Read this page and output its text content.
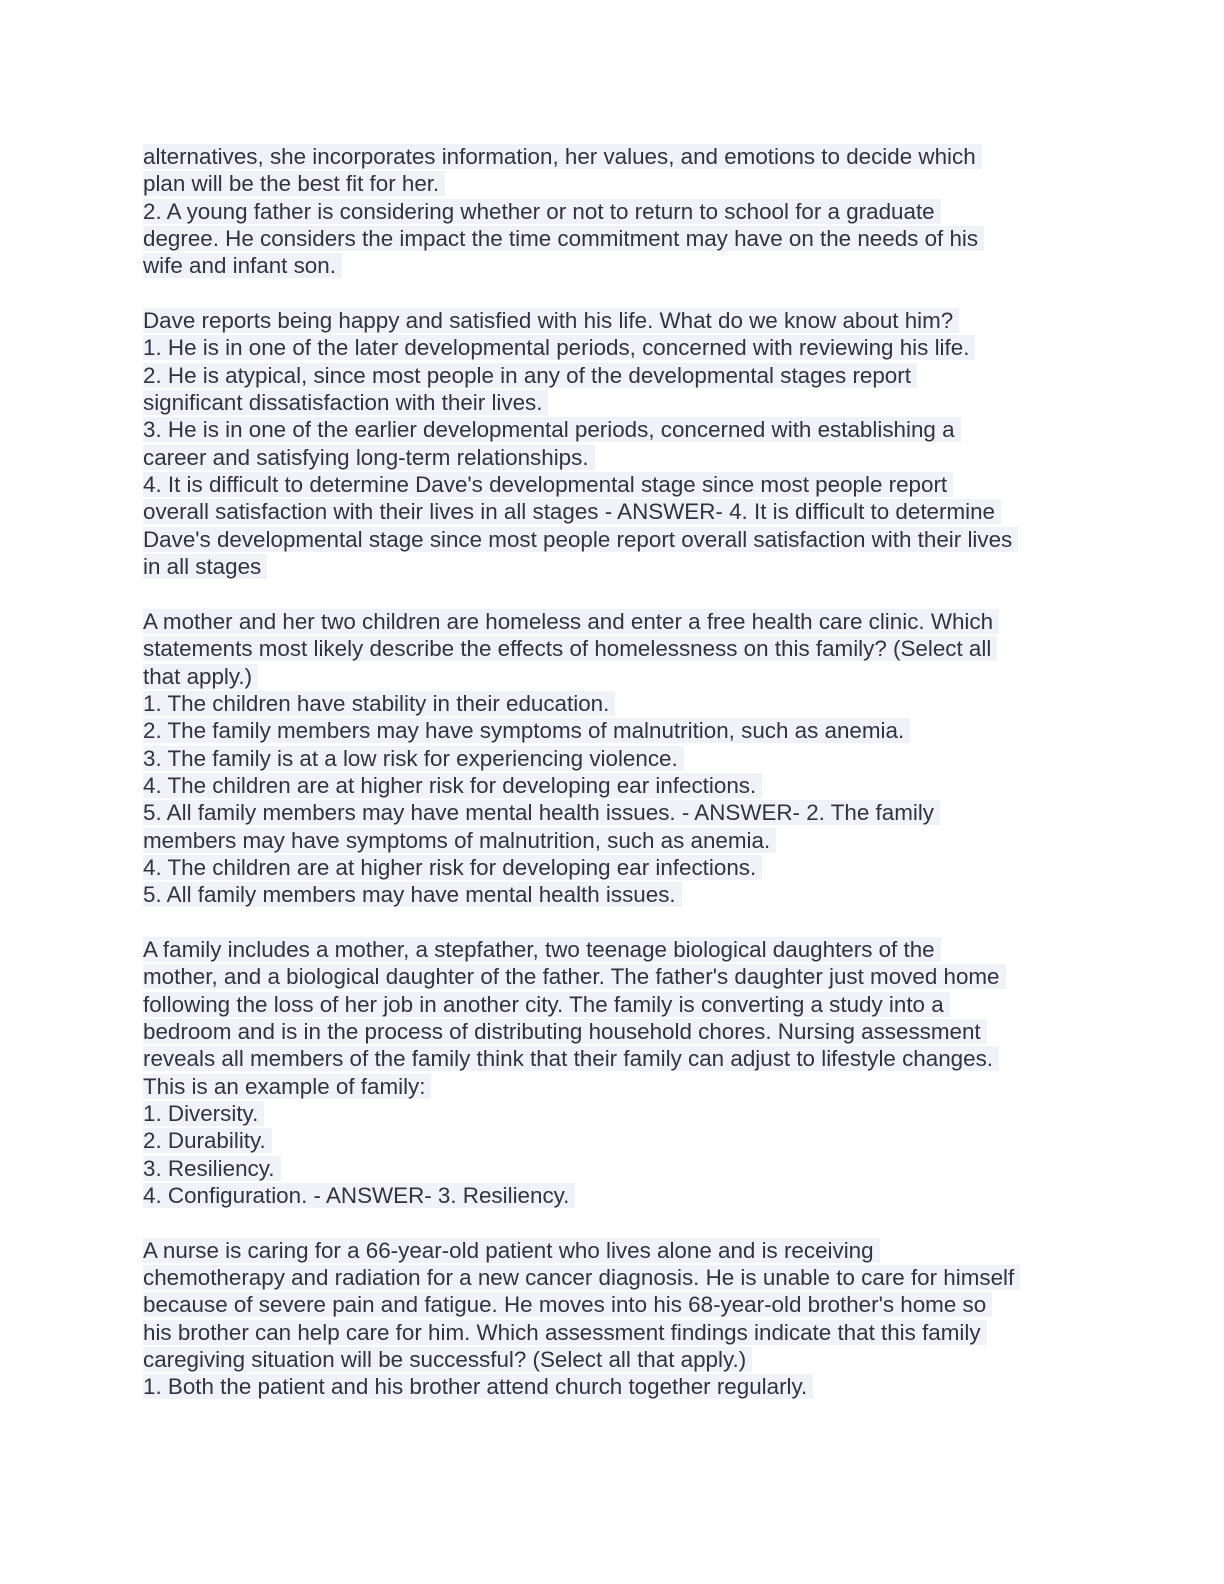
alternatives, she incorporates information, her values, and emotions to decide which
plan will be the best fit for her.
2. A young father is considering whether or not to return to school for a graduate
degree. He considers the impact the time commitment may have on the needs of his
wife and infant son.
Dave reports being happy and satisfied with his life. What do we know about him?
1. He is in one of the later developmental periods, concerned with reviewing his life.
2. He is atypical, since most people in any of the developmental stages report
significant dissatisfaction with their lives.
3. He is in one of the earlier developmental periods, concerned with establishing a
career and satisfying long-term relationships.
4. It is difficult to determine Dave's developmental stage since most people report
overall satisfaction with their lives in all stages - ANSWER- 4. It is difficult to determine
Dave's developmental stage since most people report overall satisfaction with their lives
in all stages
A mother and her two children are homeless and enter a free health care clinic. Which
statements most likely describe the effects of homelessness on this family? (Select all
that apply.)
1. The children have stability in their education.
2. The family members may have symptoms of malnutrition, such as anemia.
3. The family is at a low risk for experiencing violence.
4. The children are at higher risk for developing ear infections.
5. All family members may have mental health issues. - ANSWER- 2. The family
members may have symptoms of malnutrition, such as anemia.
4. The children are at higher risk for developing ear infections.
5. All family members may have mental health issues.
A family includes a mother, a stepfather, two teenage biological daughters of the
mother, and a biological daughter of the father. The father's daughter just moved home
following the loss of her job in another city. The family is converting a study into a
bedroom and is in the process of distributing household chores. Nursing assessment
reveals all members of the family think that their family can adjust to lifestyle changes.
This is an example of family:
1. Diversity.
2. Durability.
3. Resiliency.
4. Configuration. - ANSWER- 3. Resiliency.
A nurse is caring for a 66-year-old patient who lives alone and is receiving
chemotherapy and radiation for a new cancer diagnosis. He is unable to care for himself
because of severe pain and fatigue. He moves into his 68-year-old brother's home so
his brother can help care for him. Which assessment findings indicate that this family
caregiving situation will be successful? (Select all that apply.)
1. Both the patient and his brother attend church together regularly.
